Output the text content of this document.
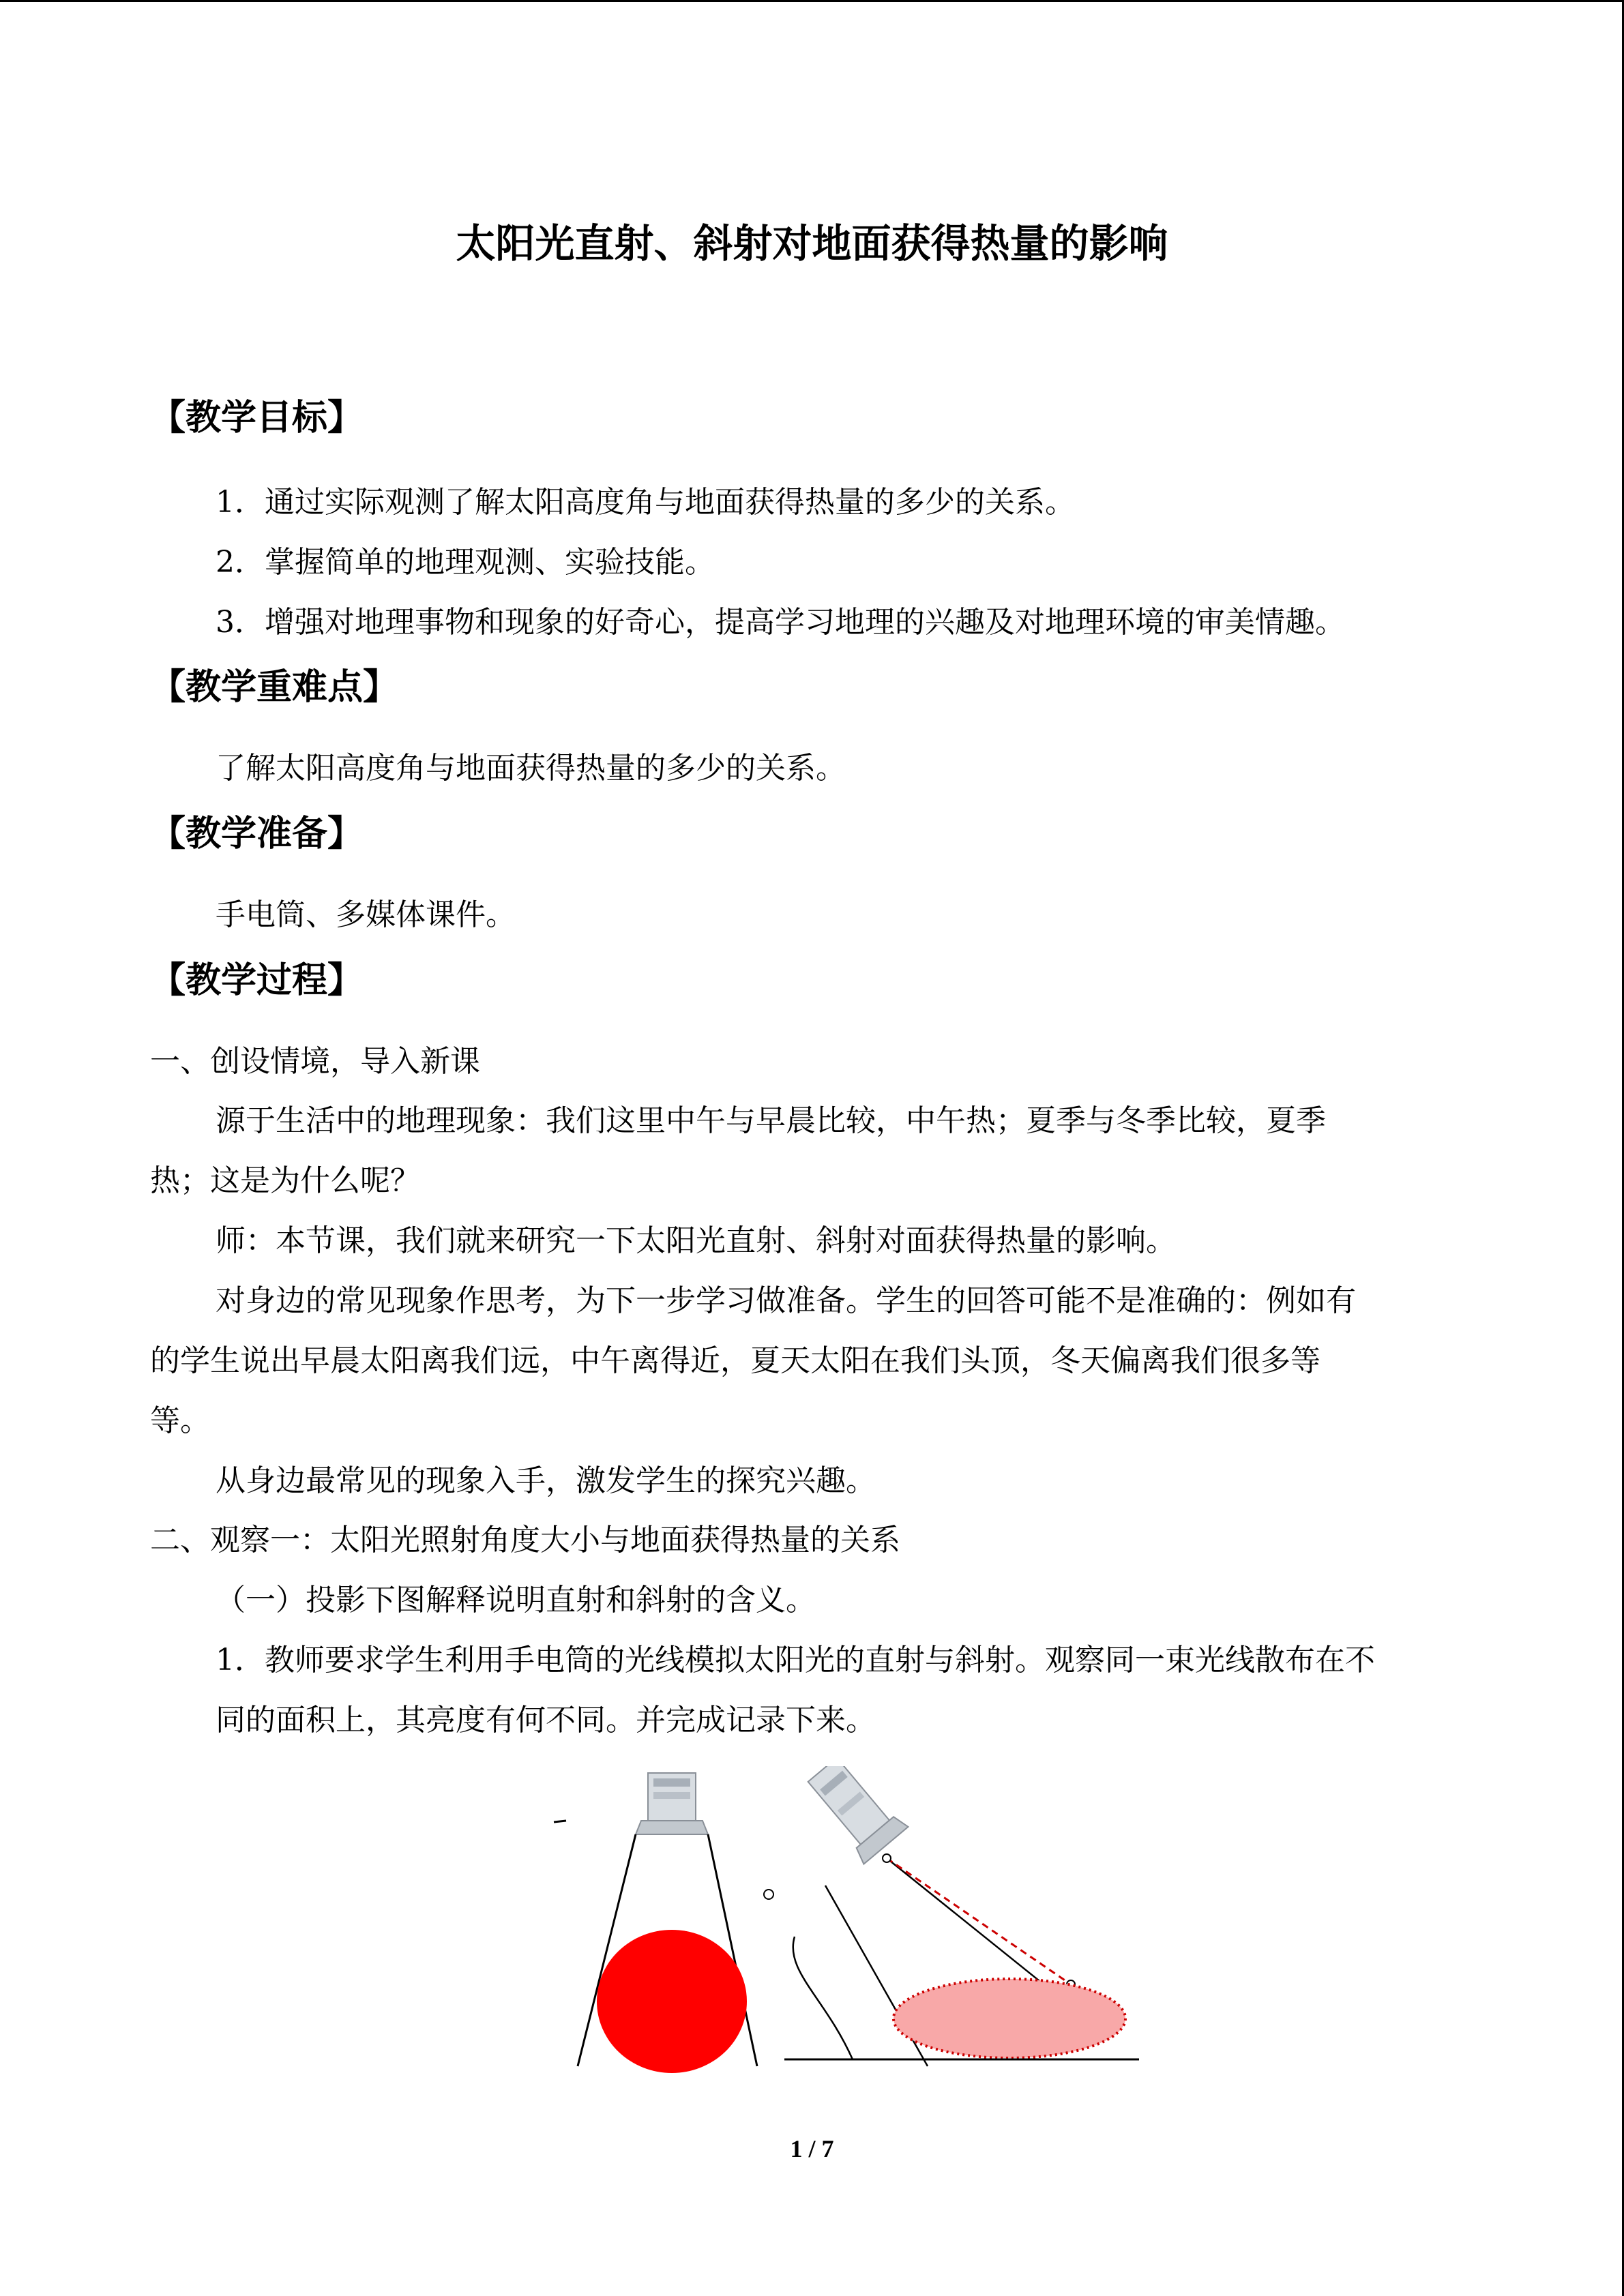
太阳光直射、斜射对地面获得热量的影响
【教学目标】
1．通过实际观测了解太阳高度角与地面获得热量的多少的关系。
2．掌握简单的地理观测、实验技能。
3．增强对地理事物和现象的好奇心，提高学习地理的兴趣及对地理环境的审美情趣。
【教学重难点】
了解太阳高度角与地面获得热量的多少的关系。
【教学准备】
手电筒、多媒体课件。
【教学过程】
一、创设情境，导入新课
源于生活中的地理现象：我们这里中午与早晨比较，中午热；夏季与冬季比较，夏季
热；这是为什么呢？
师：本节课，我们就来研究一下太阳光直射、斜射对面获得热量的影响。
对身边的常见现象作思考，为下一步学习做准备。学生的回答可能不是准确的：例如有
的学生说出早晨太阳离我们远，中午离得近，夏天太阳在我们头顶，冬天偏离我们很多等
等。
从身边最常见的现象入手，激发学生的探究兴趣。
二、观察一：太阳光照射角度大小与地面获得热量的关系
（一）投影下图解释说明直射和斜射的含义。
1．教师要求学生利用手电筒的光线模拟太阳光的直射与斜射。观察同一束光线散布在不
同的面积上，其亮度有何不同。并完成记录下来。
1 / 7
